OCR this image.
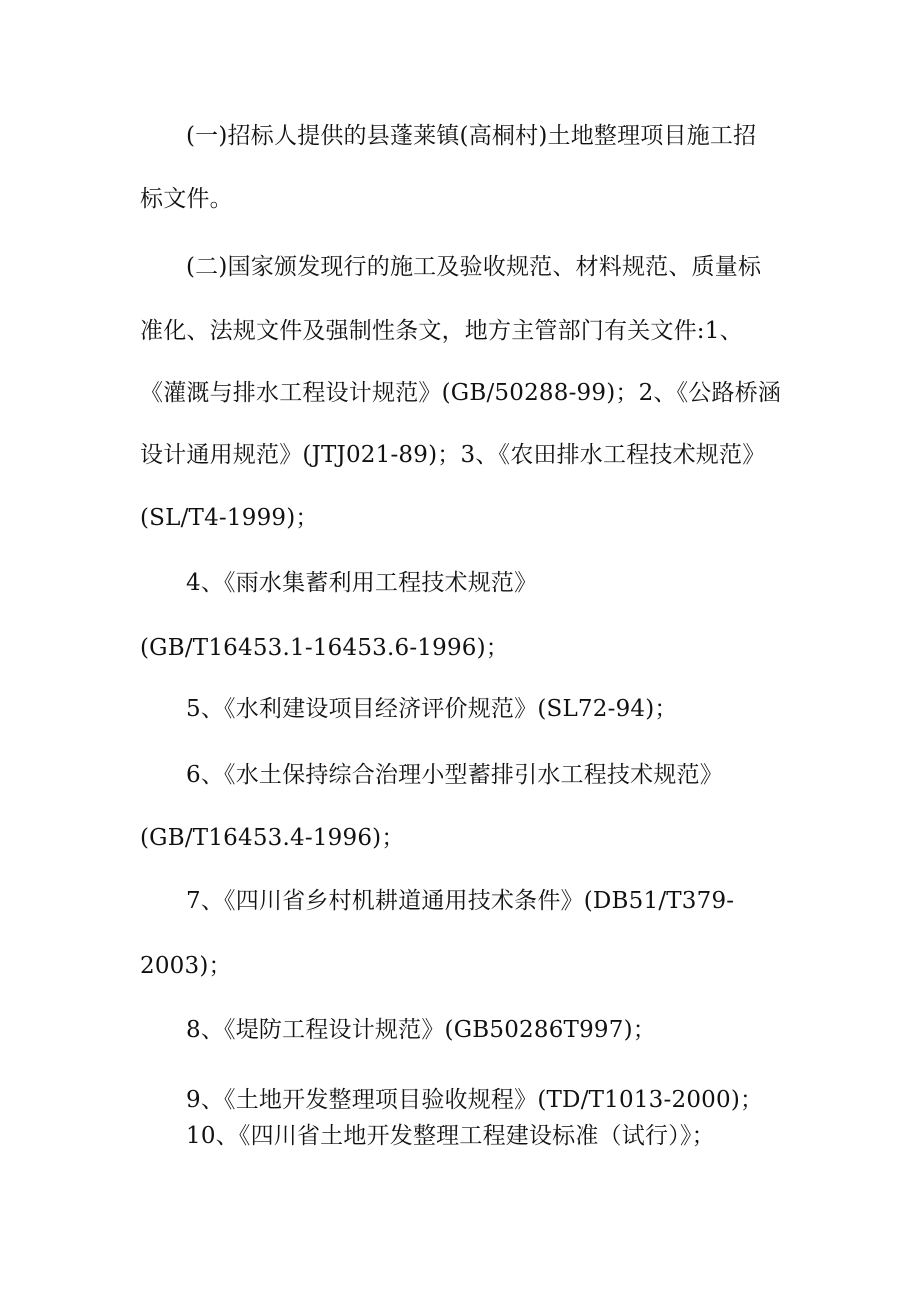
(一)招标人提供的县蓬莱镇(高桐村)土地整理项目施工招
标文件。
(二)国家颁发现行的施工及验收规范、材料规范、质量标
准化、法规文件及强制性条文，地方主管部门有关文件:1、
《灌溉与排水工程设计规范》(GB/50288-99)；2、《公路桥涵
设计通用规范》(JTJ021-89)；3、《农田排水工程技术规范》
(SL/T4-1999)；
4、《雨水集蓄利用工程技术规范》
(GB/T16453.1-16453.6-1996)；
5、《水利建设项目经济评价规范》(SL72-94)；
6、《水土保持综合治理小型蓄排引水工程技术规范》
(GB/T16453.4-1996)；
7、《四川省乡村机耕道通用技术条件》(DB51/T379-
2003)；
8、《堤防工程设计规范》(GB50286T997)；
9、《土地开发整理项目验收规程》(TD/T1013-2000)；
10、《四川省土地开发整理工程建设标准（试行）》；
